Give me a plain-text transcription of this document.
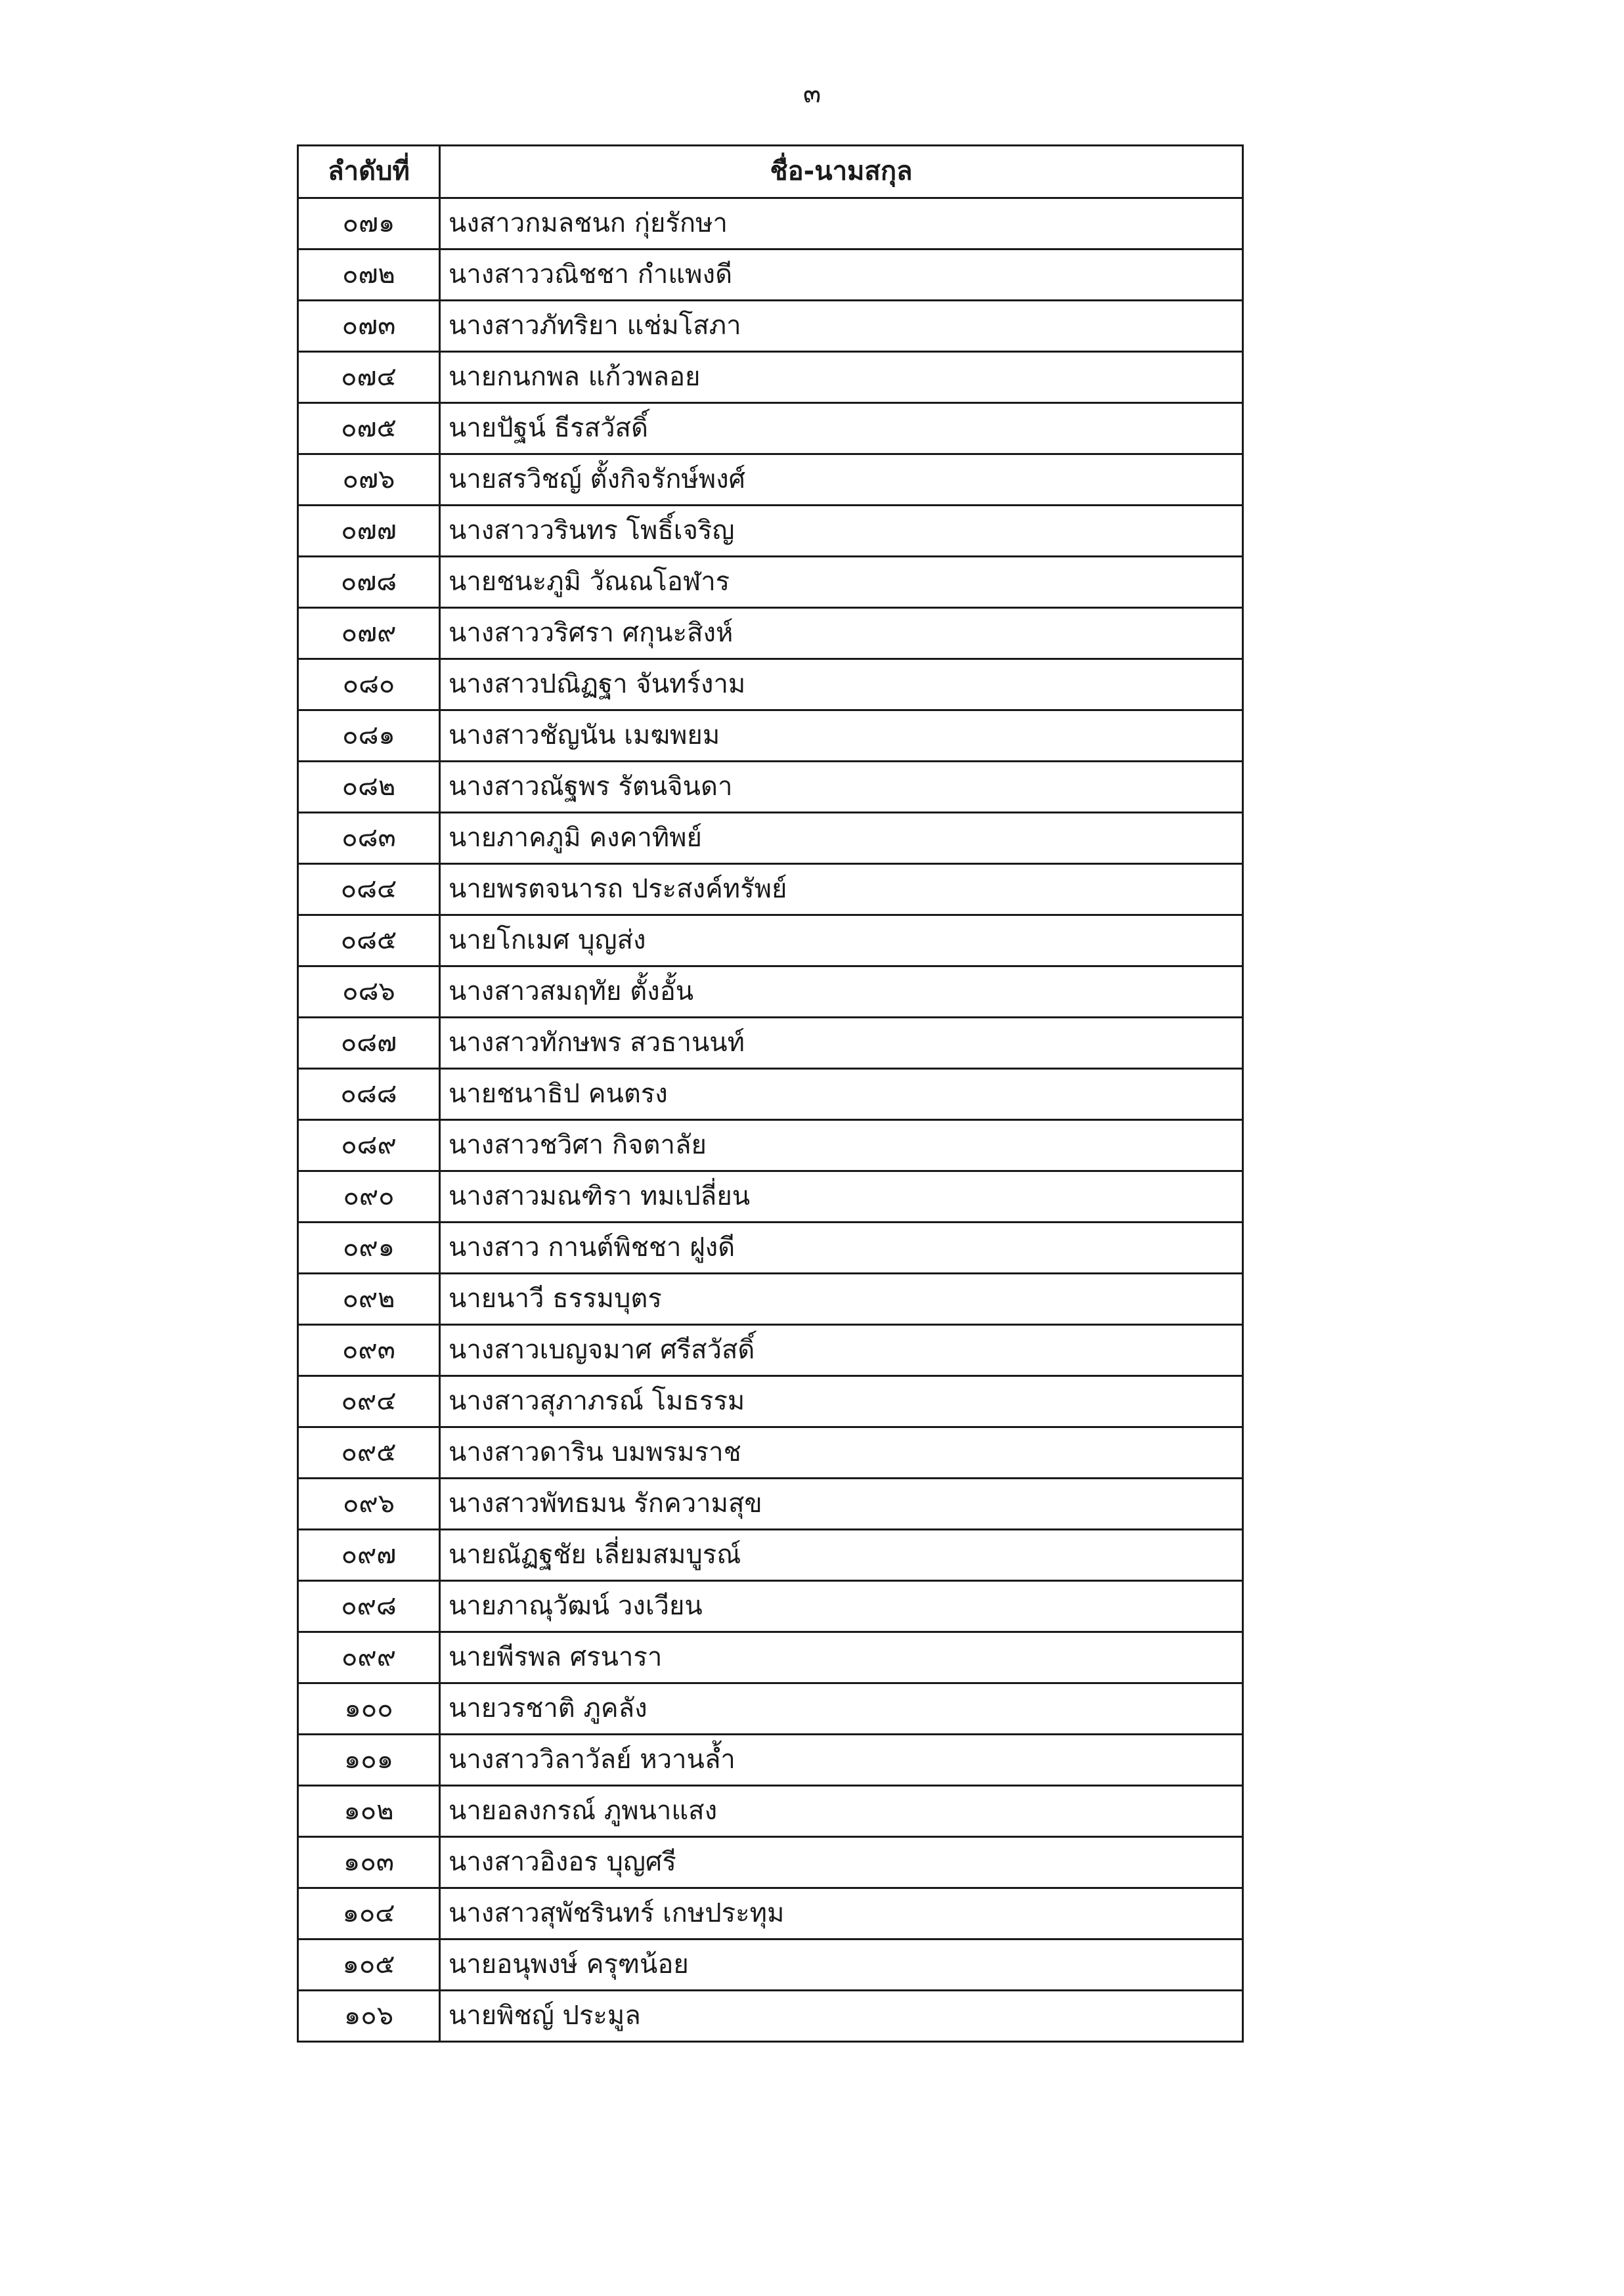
๓
ลำดับที่	ชื่อ-นามสกุล
๐๗๑	นงสาวกมลชนก กุ่ยรักษา
๐๗๒	นางสาววณิชชา กำแพงดี
๐๗๓	นางสาวภัทริยา แช่มโสภา
๐๗๔	นายกนกพล แก้วพลอย
๐๗๕	นายปัฐน์ ธีรสวัสดิ์
๐๗๖	นายสรวิชญ์ ตั้งกิจรักษ์พงศ์
๐๗๗	นางสาววรินทร โพธิ์เจริญ
๐๗๘	นายชนะภูมิ วัณณโอฬาร
๐๗๙	นางสาววริศรา ศกุนะสิงห์
๐๘๐	นางสาวปณิฏฐา จันทร์งาม
๐๘๑	นางสาวชัญนัน เมฆพยม
๐๘๒	นางสาวณัฐพร รัตนจินดา
๐๘๓	นายภาคภูมิ คงคาทิพย์
๐๘๔	นายพรตจนารถ ประสงค์ทรัพย์
๐๘๕	นายโกเมศ บุญส่ง
๐๘๖	นางสาวสมฤทัย ตั้งอั้น
๐๘๗	นางสาวทักษพร สวธานนท์
๐๘๘	นายชนาธิป คนตรง
๐๘๙	นางสาวชวิศา กิจตาลัย
๐๙๐	นางสาวมณฑิรา ทมเปลี่ยน
๐๙๑	นางสาว กานต์พิชชา ฝูงดี
๐๙๒	นายนาวี ธรรมบุตร
๐๙๓	นางสาวเบญจมาศ ศรีสวัสดิ์
๐๙๔	นางสาวสุภาภรณ์ โมธรรม
๐๙๕	นางสาวดาริน บมพรมราช
๐๙๖	นางสาวพัทธมน รักความสุข
๐๙๗	นายณัฏฐชัย เลี่ยมสมบูรณ์
๐๙๘	นายภาณุวัฒน์ วงเวียน
๐๙๙	นายพีรพล ศรนารา
๑๐๐	นายวรชาติ ภูคลัง
๑๐๑	นางสาววิลาวัลย์ หวานล้ำ
๑๐๒	นายอลงกรณ์ ภูพนาแสง
๑๐๓	นางสาวอิงอร บุญศรี
๑๐๔	นางสาวสุพัชรินทร์ เกษประทุม
๑๐๕	นายอนุพงษ์ ครุฑน้อย
๑๐๖	นายพิชญ์ ประมูล
